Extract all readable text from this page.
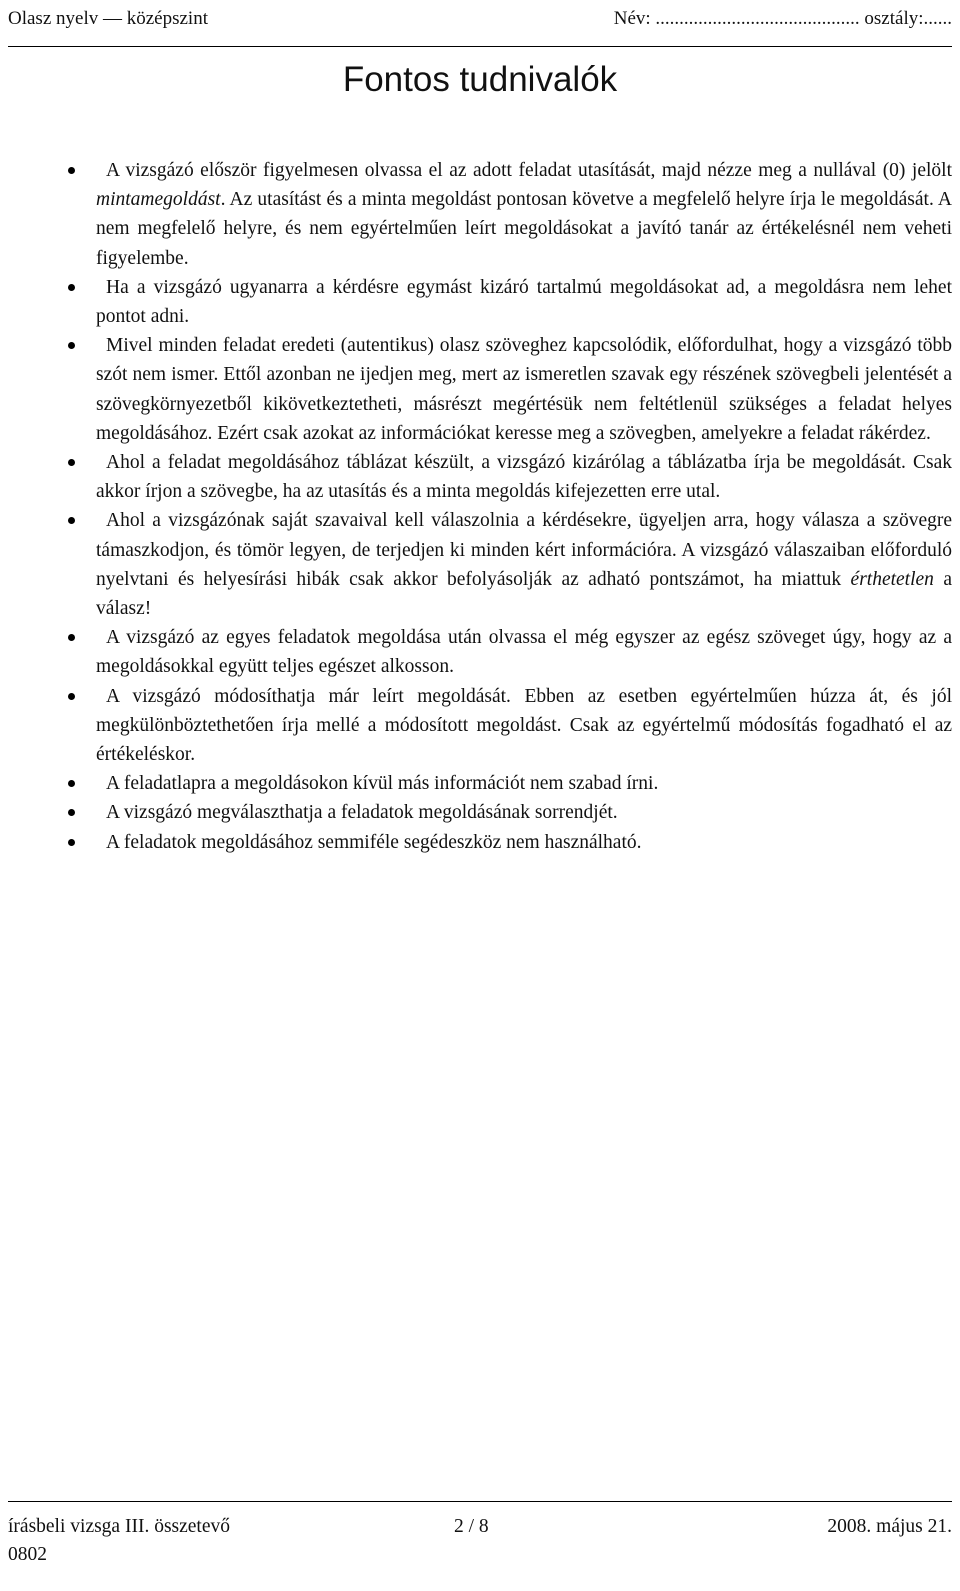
Olasz nyelv — középszint	Név: ........................................... osztály:......
Fontos tudnivalók
A vizsgázó először figyelmesen olvassa el az adott feladat utasítását, majd nézze meg a nullával (0) jelölt mintamegoldást. Az utasítást és a minta megoldást pontosan követve a megfelelő helyre írja le megoldását. A nem megfelelő helyre, és nem egyértelműen leírt megoldásokat a javító tanár az értékelésnél nem veheti figyelembe.
Ha a vizsgázó ugyanarra a kérdésre egymást kizáró tartalmú megoldásokat ad, a megoldásra nem lehet pontot adni.
Mivel minden feladat eredeti (autentikus) olasz szöveghez kapcsolódik, előfordulhat, hogy a vizsgázó több szót nem ismer. Ettől azonban ne ijedjen meg, mert az ismeretlen szavak egy részének szövegbeli jelentését a szövegkörnyezetből kikövetkeztetheti, másrészt megértésük nem feltétlenül szükséges a feladat helyes megoldásához. Ezért csak azokat az információkat keresse meg a szövegben, amelyekre a feladat rákérdez.
Ahol a feladat megoldásához táblázat készült, a vizsgázó kizárólag a táblázatba írja be megoldását. Csak akkor írjon a szövegbe, ha az utasítás és a minta megoldás kifejezetten erre utal.
Ahol a vizsgázónak saját szavaival kell válaszolnia a kérdésekre, ügyeljen arra, hogy válasza a szövegre támaszkodjon, és tömör legyen, de terjedjen ki minden kért információra. A vizsgázó válaszaiban előforduló nyelvtani és helyesírási hibák csak akkor befolyásolják az adható pontszámot, ha miattuk érthetetlen a válasz!
A vizsgázó az egyes feladatok megoldása után olvassa el még egyszer az egész szöveget úgy, hogy az a megoldásokkal együtt teljes egészet alkosson.
A vizsgázó módosíthatja már leírt megoldását. Ebben az esetben egyértelműen húzza át, és jól megkülönböztethetően írja mellé a módosított megoldást. Csak az egyértelmű módosítás fogadható el az értékeléskor.
A feladatlapra a megoldásokon kívül más információt nem szabad írni.
A vizsgázó megválaszthatja a feladatok megoldásának sorrendjét.
A feladatok megoldásához semmiféle segédeszköz nem használható.
írásbeli vizsga III. összetevő	2 / 8	2008. május 21.
0802
